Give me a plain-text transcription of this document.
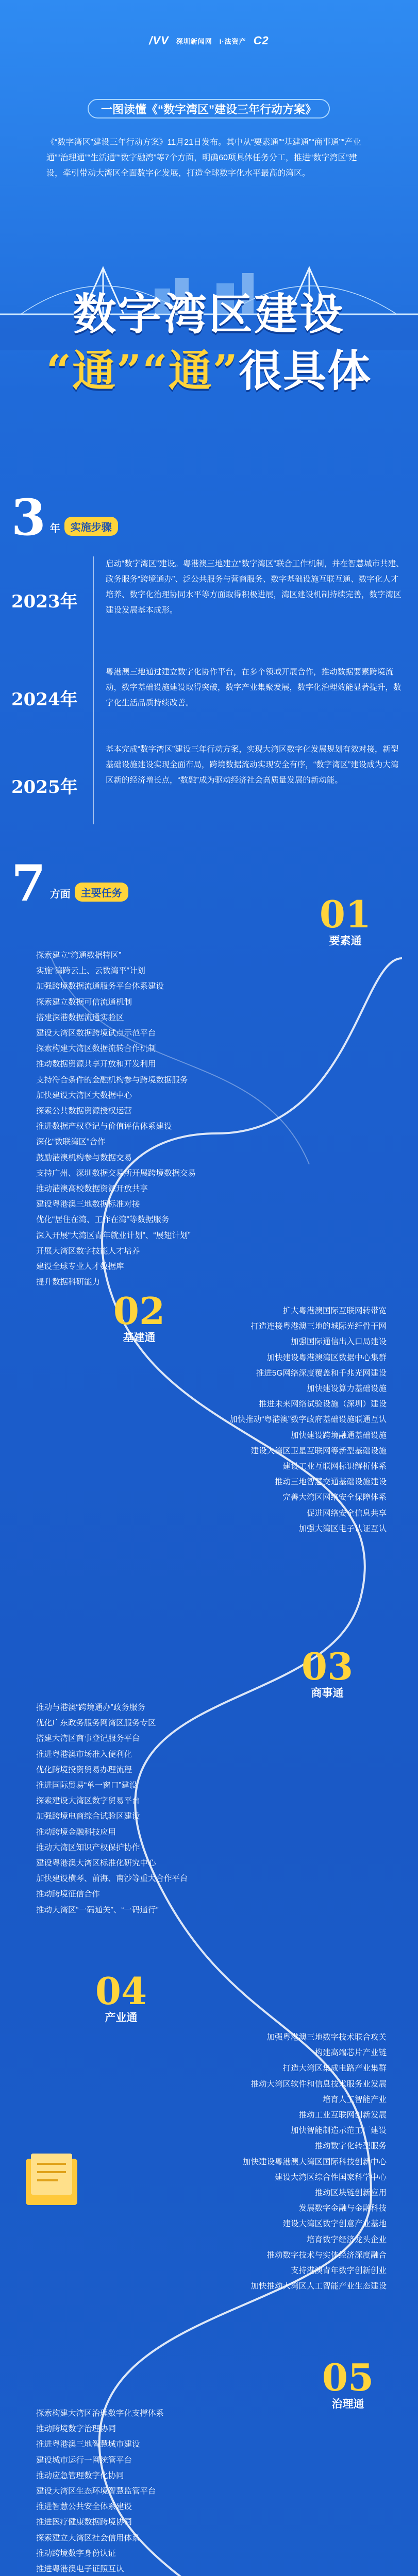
/VV 深圳新闻网 i·法资产 C2
一图读懂《“数字湾区”建设三年行动方案》
《“数字湾区”建设三年行动方案》11月21日发布。其中从“要素通”“基建通”“商事通”“产业通”“治理通”“生活通”“数字融湾”等7个方面，明确60项具体任务分工，推进“数字湾区”建设，牵引带动大湾区全面数字化发展，打造全球数字化水平最高的湾区。
数字湾区建设
“通”“通”很具体
3 年	实施步骤
2023年
启动“数字湾区”建设。粤港澳三地建立“数字湾区”联合工作机制，并在智慧城市共建、政务服务“跨境通办”、泛公共服务与营商服务、数字基础设施互联互通、数字化人才培养、数字化治理协同水平等方面取得积极进展，湾区建设机制持续完善，数字湾区建设发展基本成形。
2024年
粤港澳三地通过建立数字化协作平台，在多个领域开展合作，推动数据要素跨境流动，数字基础设施建设取得突破，数字产业集聚发展，数字化治理效能显著提升，数字化生活品质持续改善。
2025年
基本完成“数字湾区”建设三年行动方案，实现大湾区数字化发展规划有效对接，新型基础设施建设实现全面布局，跨境数据流动实现安全有序，“数字湾区”建设成为大湾区新的经济增长点，“数融”成为驱动经济社会高质量发展的新动能。
7 方面	主要任务	01
要素通
探索建立“湾通数据特区”
实施“湾跨云上、云数湾平”计划
加强跨境数据流通服务平台体系建设
探索建立数据可信流通机制
搭建深港数据流通实验区
建设大湾区数据跨境试点示范平台
探索构建大湾区数据流转合作机制
推动数据资源共享开放和开发利用
支持符合条件的金融机构参与跨境数据服务
加快建设大湾区大数据中心
探索公共数据资源授权运营
推进数据产权登记与价值评估体系建设
深化“数联湾区”合作
鼓励港澳机构参与数据交易
支持广州、深圳数据交易所开展跨境数据交易
推动港澳高校数据资源开放共享
建设粤港澳三地数据标准对接
优化“居住在湾、工作在湾”等数据服务
深入开展“大湾区青年就业计划”、“展翅计划”
开展大湾区数字技能人才培养
建设全球专业人才数据库
提升数据科研能力
02
基建通
扩大粤港澳国际互联网转带宽
打造连接粤港澳三地的城际光纤骨干网
加强国际通信出入口局建设
加快建设粤港澳湾区数据中心集群
推进5G网络深度覆盖和千兆光网建设
加快建设算力基础设施
推进未来网络试验设施（深圳）建设
加快推动“粤港澳”数字政府基础设施联通互认
加快建设跨境融通基础设施
建设大湾区卫星互联网等新型基础设施
建设工业互联网标识解析体系
推动三地智慧交通基础设施建设
完善大湾区网络安全保障体系
促进网络安全信息共享
加强大湾区电子认证互认
03
商事通
推动与港澳“跨境通办”政务服务
优化广东政务服务网湾区服务专区
搭建大湾区商事登记服务平台
推进粤港澳市场准入便利化
优化跨境投资贸易办理流程
推进国际贸易“单一窗口”建设
探索建设大湾区数字贸易平台
加强跨境电商综合试验区建设
推动跨境金融科技应用
推动大湾区知识产权保护协作
建设粤港澳大湾区标准化研究中心
加快建设横琴、前海、南沙等重大合作平台
推动跨境征信合作
推动大湾区“一码通关”、“一码通行”
04
产业通
加强粤港澳三地数字技术联合攻关
构建高端芯片产业链
打造大湾区集成电路产业集群
推动大湾区软件和信息技术服务业发展
培育人工智能产业
推动工业互联网创新发展
加快智能制造示范工厂建设
推动数字化转型服务
加快建设粤港澳大湾区国际科技创新中心
建设大湾区综合性国家科学中心
推动区块链创新应用
发展数字金融与金融科技
建设大湾区数字创意产业基地
培育数字经济龙头企业
推动数字技术与实体经济深度融合
支持港澳青年数字创新创业
加快推动大湾区人工智能产业生态建设
05
治理通
探索构建大湾区治理数字化支撑体系
推动跨境数字治理协同
推进粤港澳三地智慧城市建设
建设城市运行一网统管平台
推动应急管理数字化协同
建设大湾区生态环境智慧监管平台
推进智慧公共安全体系建设
推进医疗健康数据跨境协同
探索建立大湾区社会信用体系
推动跨境数字身份认证
推进粤港澳电子证照互认
